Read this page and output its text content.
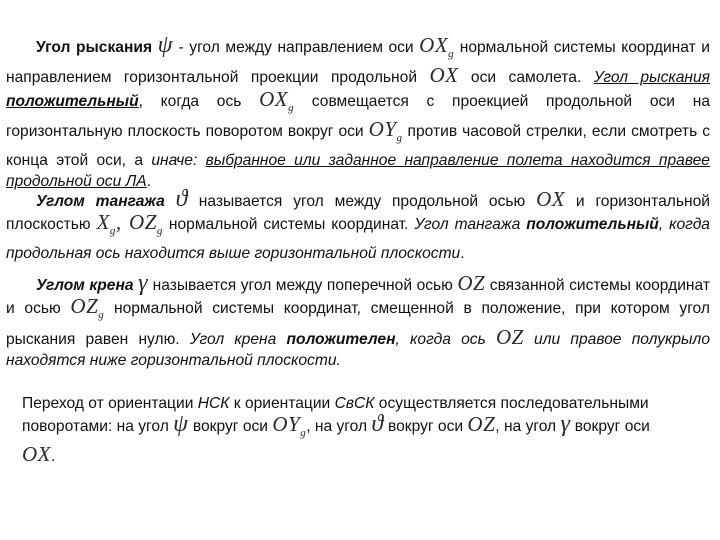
Угол рыскания ψ - угол между направлением оси $OX_g$ нормальной системы координат и направлением горизонтальной проекции продольной OX оси самолета. Угол рыскания положительный, когда ось $OX_g$ совмещается с проекцией продольной оси на горизонтальную плоскость поворотом вокруг оси $OY_g$ против часовой стрелки, если смотреть с конца этой оси, а иначе: выбранное или заданное направление полета находится правее продольной оси ЛА.
Углом тангажа ϑ называется угол между продольной осью OX и горизонтальной плоскостью $X_g$, $OZ_g$ нормальной системы координат. Угол тангажа положительный, когда продольная ось находится выше горизонтальной плоскости.
Углом крена γ называется угол между поперечной осью OZ связанной системы координат и осью $OZ_g$ нормальной системы координат, смещенной в положение, при котором угол рыскания равен нулю. Угол крена положителен, когда ось OZ или правое полукрыло находятся ниже горизонтальной плоскости.
Переход от ориентации НСК к ориентации СвСК осуществляется последовательными поворотами: на угол ψ вокруг оси $OY_g$, на угол ϑ вокруг оси OZ, на угол γ вокруг оси OX.
